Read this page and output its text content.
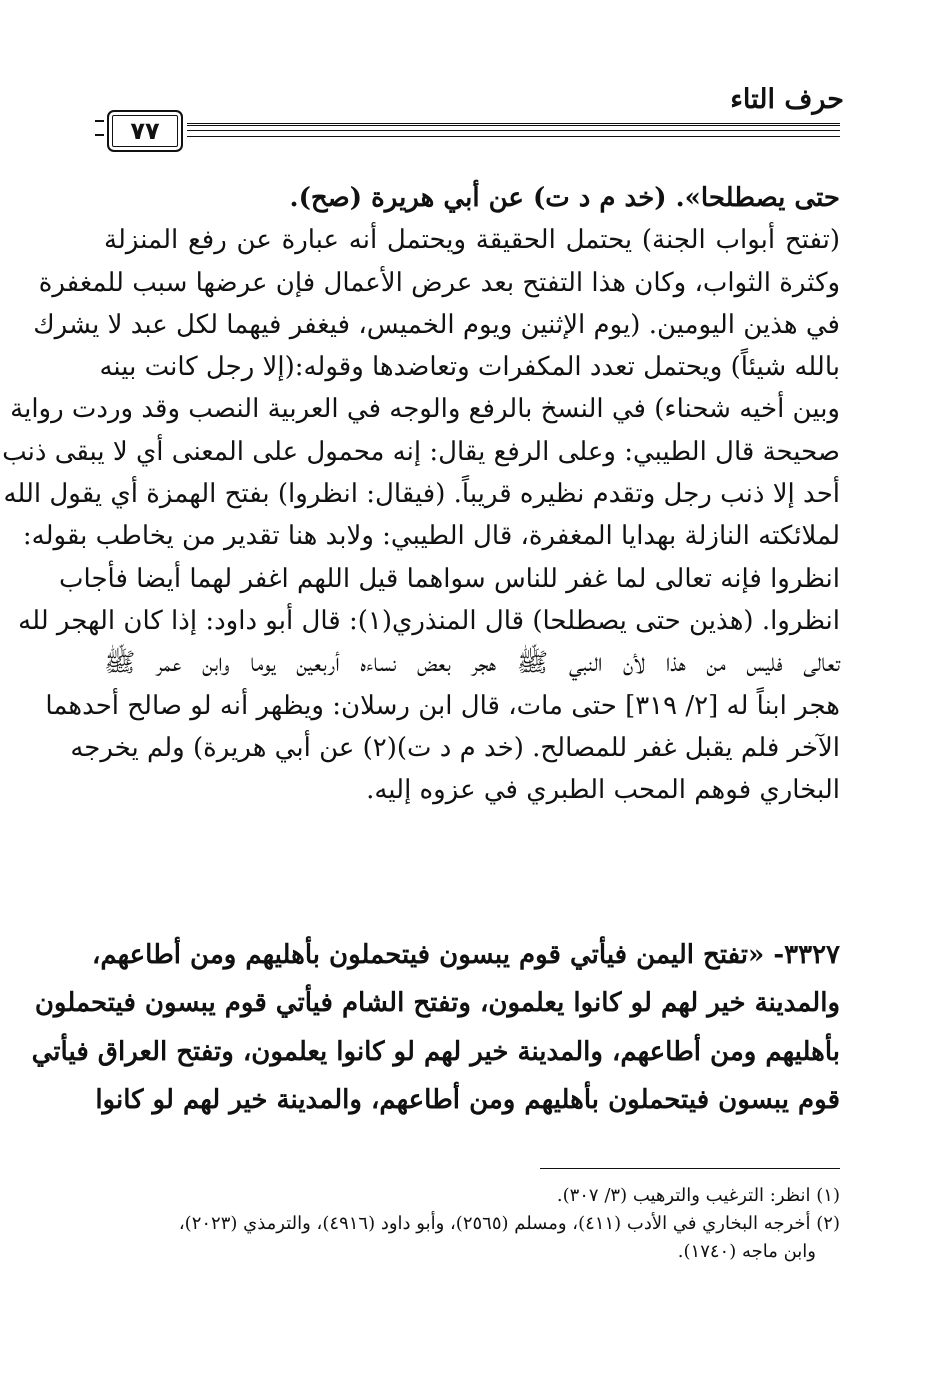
حرف التاء
٧٧
حتى يصطلحا». (خد م د ت) عن أبي هريرة (صح).
(تفتح أبواب الجنة) يحتمل الحقيقة ويحتمل أنه عبارة عن رفع المنزلة
وكثرة الثواب، وكان هذا التفتح بعد عرض الأعمال فإن عرضها سبب للمغفرة
في هذين اليومين. (يوم الإثنين ويوم الخميس، فيغفر فيهما لكل عبد لا يشرك
بالله شيئاً) ويحتمل تعدد المكفرات وتعاضدها وقوله:(إلا رجل كانت بينه
وبين أخيه شحناء) في النسخ بالرفع والوجه في العربية النصب وقد وردت رواية
صحيحة قال الطيبي: وعلى الرفع يقال: إنه محمول على المعنى أي لا يبقى ذنب
أحد إلا ذنب رجل وتقدم نظيره قريباً. (فيقال: انظروا) بفتح الهمزة أي يقول الله
لملائكته النازلة بهدايا المغفرة، قال الطيبي: ولابد هنا تقدير من يخاطب بقوله:
انظروا فإنه تعالى لما غفر للناس سواهما قيل اللهم اغفر لهما أيضا فأجاب
انظروا. (هذين حتى يصطلحا) قال المنذري(١): قال أبو داود: إذا كان الهجر لله
تعالى فليس من هذا لأن النبي ﷺ هجر بعض نساءه أربعين يوما وابن عمر ﷺ
هجر ابناً له [٢/ ٣١٩] حتى مات، قال ابن رسلان: ويظهر أنه لو صالح أحدهما
الآخر فلم يقبل غفر للمصالح. (خد م د ت)(٢) عن أبي هريرة) ولم يخرجه
البخاري فوهم المحب الطبري في عزوه إليه.
٣٣٢٧- «تفتح اليمن فيأتي قوم يبسون فيتحملون بأهليهم ومن أطاعهم،
والمدينة خير لهم لو كانوا يعلمون، وتفتح الشام فيأتي قوم يبسون فيتحملون
بأهليهم ومن أطاعهم، والمدينة خير لهم لو كانوا يعلمون، وتفتح العراق فيأتي
قوم يبسون فيتحملون بأهليهم ومن أطاعهم، والمدينة خير لهم لو كانوا
(١) انظر: الترغيب والترهيب (٣/ ٣٠٧).
(٢) أخرجه البخاري في الأدب (٤١١)، ومسلم (٢٥٦٥)، وأبو داود (٤٩١٦)، والترمذي (٢٠٢٣)،
وابن ماجه (١٧٤٠).
